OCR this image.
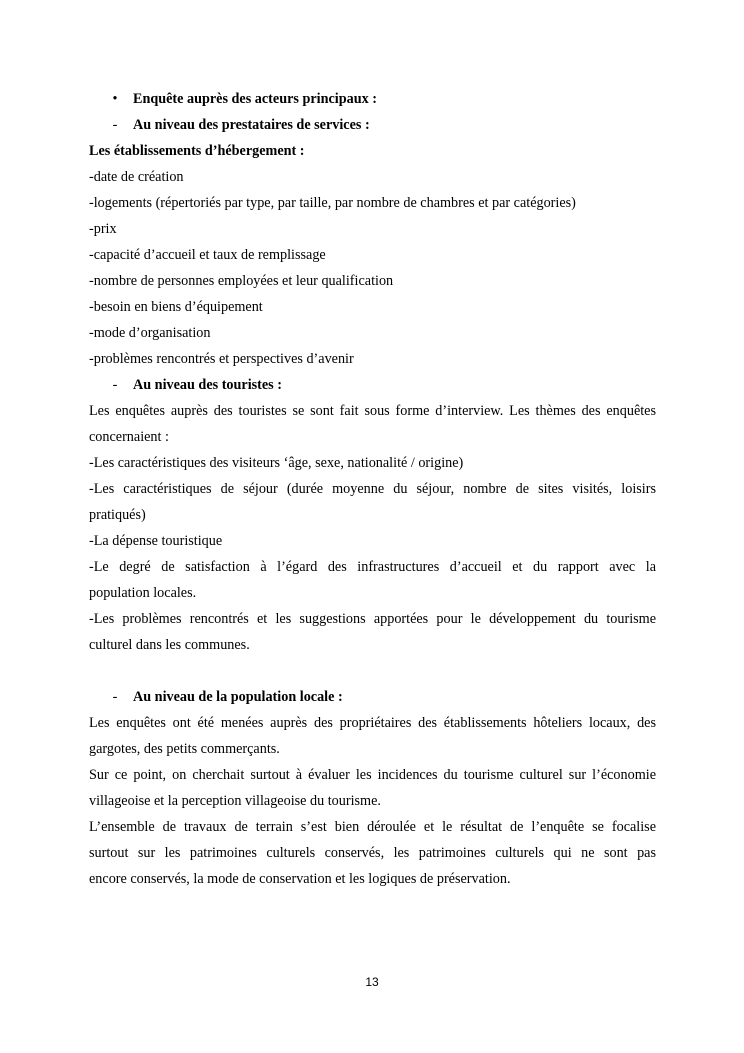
• Enquête auprès des acteurs principaux :
- Au niveau des prestataires de services :
Les établissements d’hébergement :
-date de création
-logements (répertoriés par type, par taille, par nombre de chambres et par catégories)
-prix
-capacité d’accueil et taux de remplissage
-nombre de personnes employées et leur qualification
-besoin en biens d’équipement
-mode d’organisation
-problèmes rencontrés et perspectives d’avenir
- Au niveau des touristes :
Les enquêtes auprès des touristes se sont fait sous forme d’interview. Les thèmes des enquêtes
concernaient :
-Les caractéristiques des visiteurs ‘âge, sexe, nationalité / origine)
-Les caractéristiques de séjour (durée moyenne du séjour, nombre de sites visités, loisirs
pratiqués)
-La dépense touristique
-Le degré de satisfaction à l’égard des infrastructures d’accueil et du rapport avec la
population locales.
-Les problèmes rencontrés et les suggestions apportées pour le développement du tourisme
culturel dans les communes.
- Au niveau de la population locale :
Les enquêtes ont été menées auprès des propriétaires des établissements hôteliers locaux, des
gargotes, des petits commerçants.
Sur ce point, on cherchait surtout à évaluer les incidences du tourisme culturel sur l’économie
villageoise et la perception villageoise du tourisme.
L’ensemble de travaux de terrain s’est bien déroulée et le résultat de l’enquête se focalise
surtout sur les patrimoines culturels conservés, les patrimoines culturels qui ne sont pas
encore conservés, la mode de conservation et les logiques de préservation.
13
